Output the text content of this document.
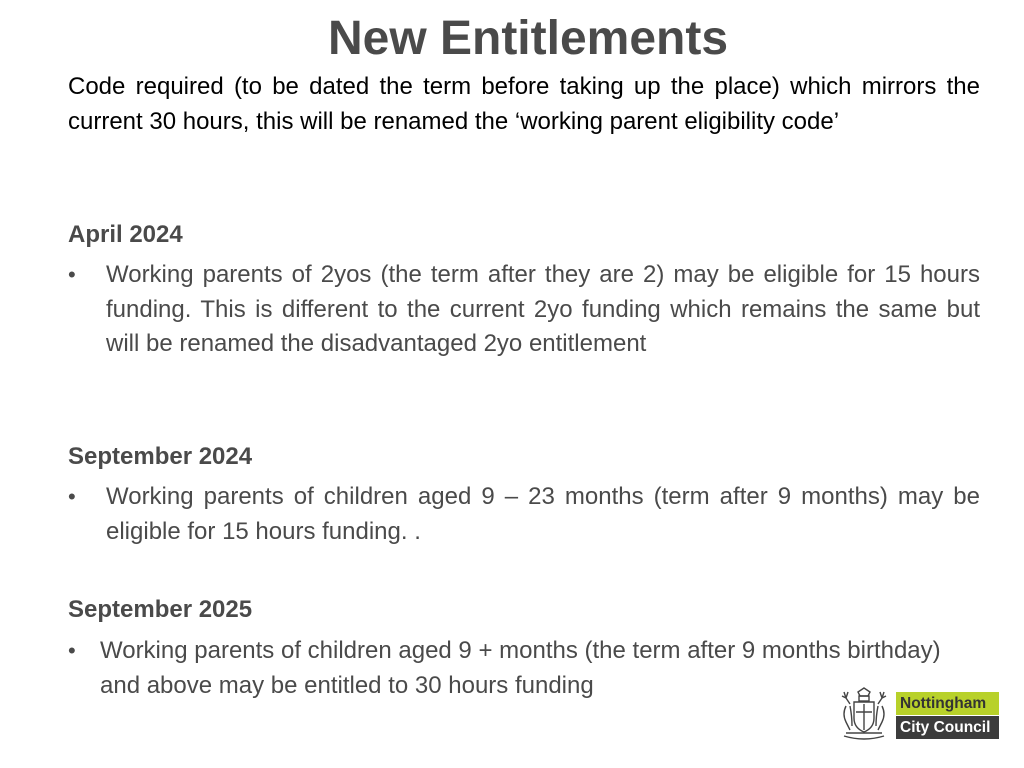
New Entitlements

Code required (to be dated the term before taking up the place) which mirrors the current 30 hours, this will be renamed the ‘working parent eligibility code’

April 2024
• Working parents of 2yos (the term after they are 2) may be eligible for 15 hours funding. This is different to the current 2yo funding which remains the same but will be renamed the disadvantaged 2yo entitlement
September 2024
• Working parents of children aged 9 – 23 months (term after 9 months) may be eligible for 15 hours funding. .
September 2025
• Working parents of children aged 9 + months (the term after 9 months birthday) and above may be entitled to 30 hours funding
Nottingham
City Council
